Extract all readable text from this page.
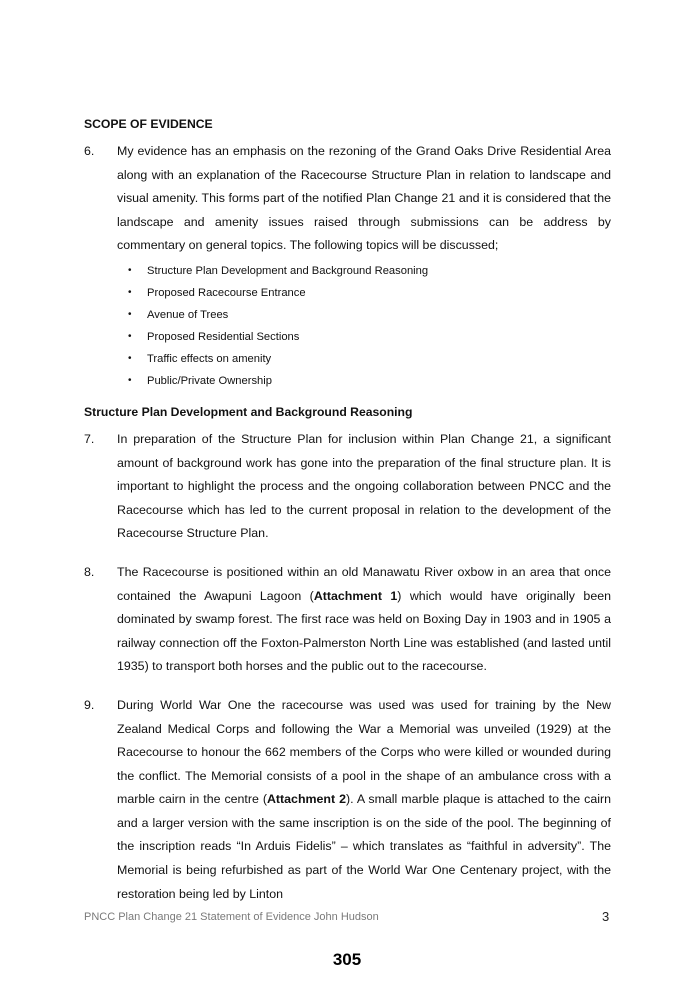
SCOPE OF EVIDENCE

6.	My evidence has an emphasis on the rezoning of the Grand Oaks Drive Residential Area along with an explanation of the Racecourse Structure Plan in relation to landscape and visual amenity. This forms part of the notified Plan Change 21 and it is considered that the landscape and amenity issues raised through submissions can be address by commentary on general topics. The following topics will be discussed;
• Structure Plan Development and Background Reasoning
• Proposed Racecourse Entrance
• Avenue of Trees
• Proposed Residential Sections
• Traffic effects on amenity
• Public/Private Ownership

Structure Plan Development and Background Reasoning

7.	In preparation of the Structure Plan for inclusion within Plan Change 21, a significant amount of background work has gone into the preparation of the final structure plan. It is important to highlight the process and the ongoing collaboration between PNCC and the Racecourse which has led to the current proposal in relation to the development of the Racecourse Structure Plan.
8.	The Racecourse is positioned within an old Manawatu River oxbow in an area that once contained the Awapuni Lagoon (Attachment 1) which would have originally been dominated by swamp forest. The first race was held on Boxing Day in 1903 and in 1905 a railway connection off the Foxton-Palmerston North Line was established (and lasted until 1935) to transport both horses and the public out to the racecourse.
9.	During World War One the racecourse was used was used for training by the New Zealand Medical Corps and following the War a Memorial was unveiled (1929) at the Racecourse to honour the 662 members of the Corps who were killed or wounded during the conflict. The Memorial consists of a pool in the shape of an ambulance cross with a marble cairn in the centre (Attachment 2). A small marble plaque is attached to the cairn and a larger version with the same inscription is on the side of the pool. The beginning of the inscription reads “In Arduis Fidelis” – which translates as “faithful in adversity”. The Memorial is being refurbished as part of the World War One Centenary project, with the restoration being led by Linton
PNCC Plan Change 21 Statement of Evidence John Hudson	3
305
